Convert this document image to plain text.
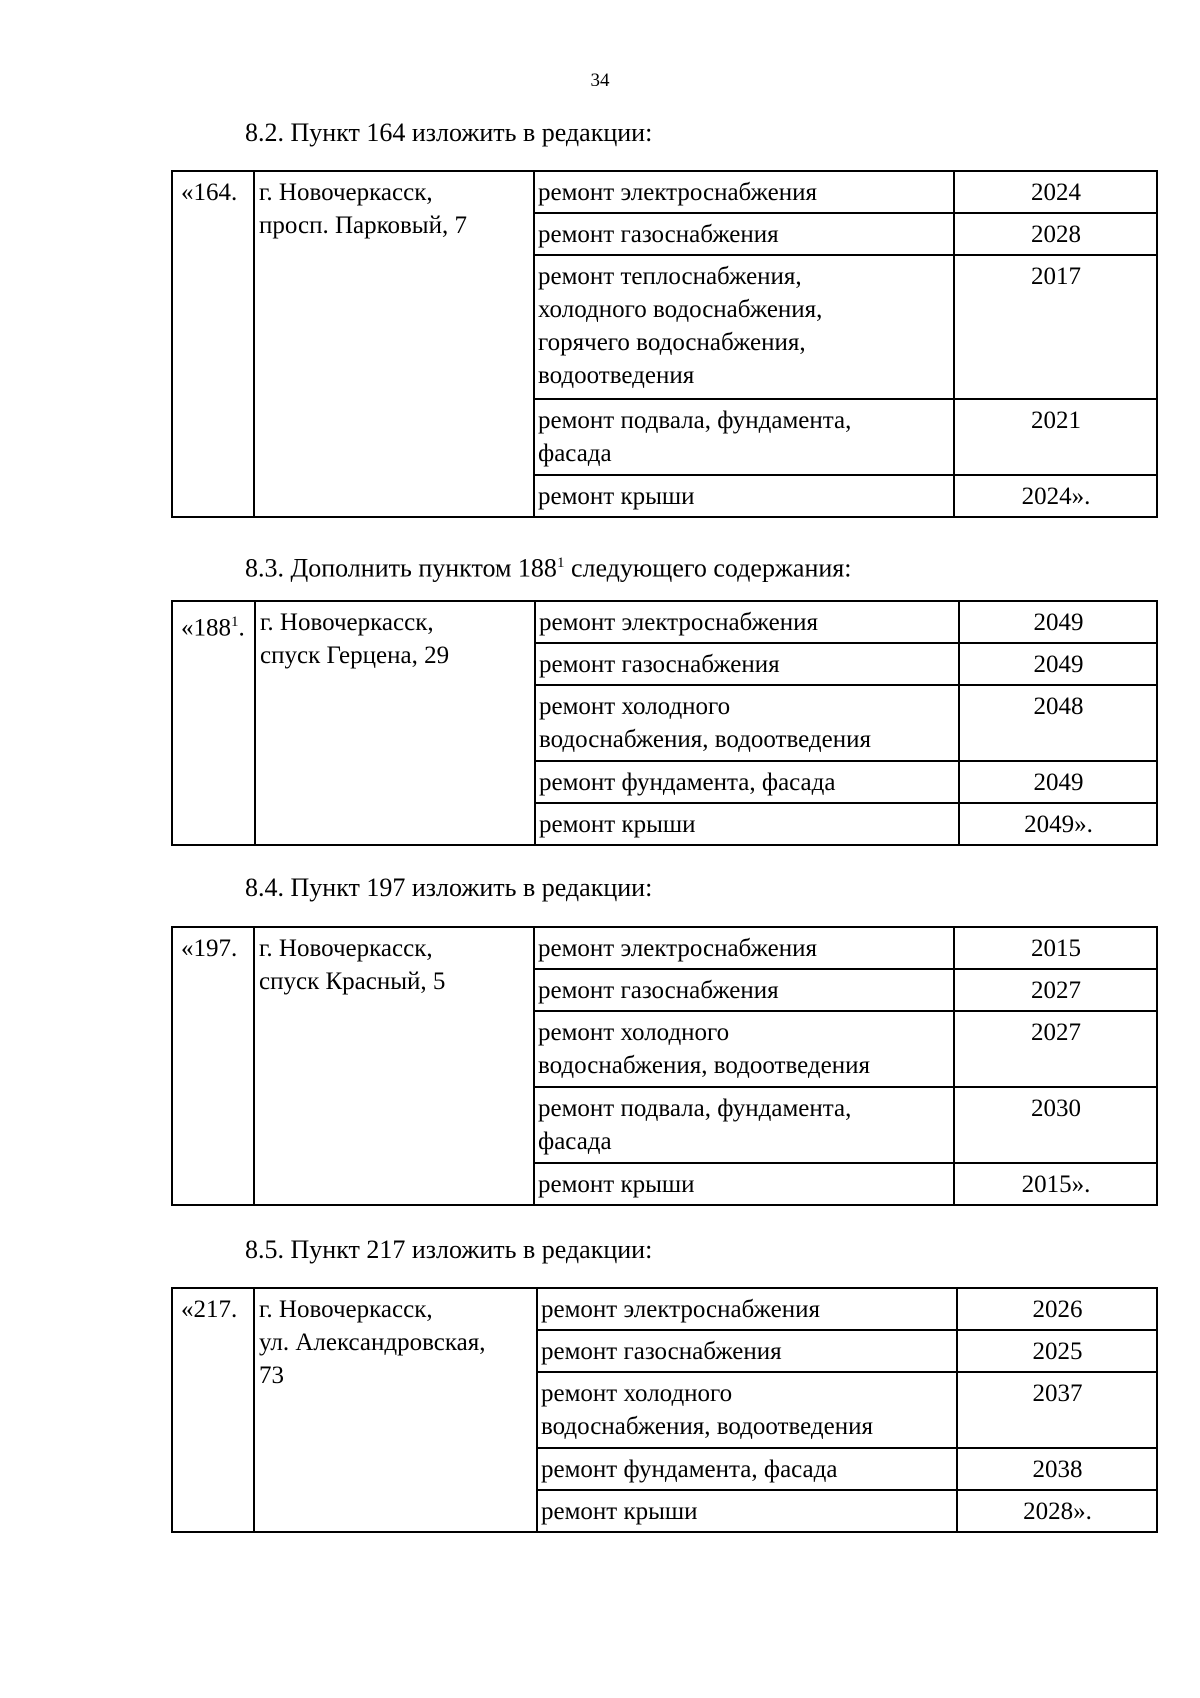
34
8.2. Пункт 164 изложить в редакции:
«164.	г. Новочеркасск,
просп. Парковый, 7	ремонт электроснабжения	2024

		ремонт газоснабжения	2028

		ремонт теплоснабжения,
холодного водоснабжения,
горячего водоснабжения,
водоотведения	2017

		ремонт подвала, фундамента,
фасада	2021

		ремонт крыши	2024».
8.3. Дополнить пунктом $188^1$ следующего содержания:
«$188^1$.	г. Новочеркасск,
спуск Герцена, 29	ремонт электроснабжения	2049

		ремонт газоснабжения	2049

		ремонт холодного
водоснабжения, водоотведения	2048

		ремонт фундамента, фасада	2049

		ремонт крыши	2049».
8.4. Пункт 197 изложить в редакции:
«197.	г. Новочеркасск,
спуск Красный, 5	ремонт электроснабжения	2015

		ремонт газоснабжения	2027

		ремонт холодного
водоснабжения, водоотведения	2027

		ремонт подвала, фундамента,
фасада	2030

		ремонт крыши	2015».
8.5. Пункт 217 изложить в редакции:
«217.	г. Новочеркасск,
ул. Александровская,
73	ремонт электроснабжения	2026

		ремонт газоснабжения	2025

		ремонт холодного
водоснабжения, водоотведения	2037

		ремонт фундамента, фасада	2038

		ремонт крыши	2028».
